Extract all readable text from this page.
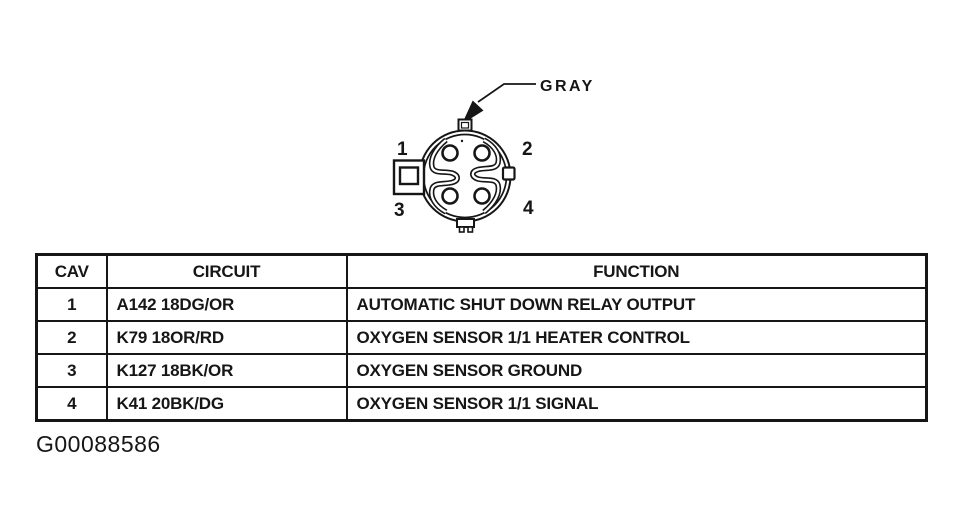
GRAY
1	2
3	4
CAV	CIRCUIT	FUNCTION
1	A142 18DG/OR	AUTOMATIC SHUT DOWN RELAY OUTPUT
2	K79 18OR/RD	OXYGEN SENSOR 1/1 HEATER CONTROL
3	K127 18BK/OR	OXYGEN SENSOR GROUND
4	K41 20BK/DG	OXYGEN SENSOR 1/1 SIGNAL
G00088586
